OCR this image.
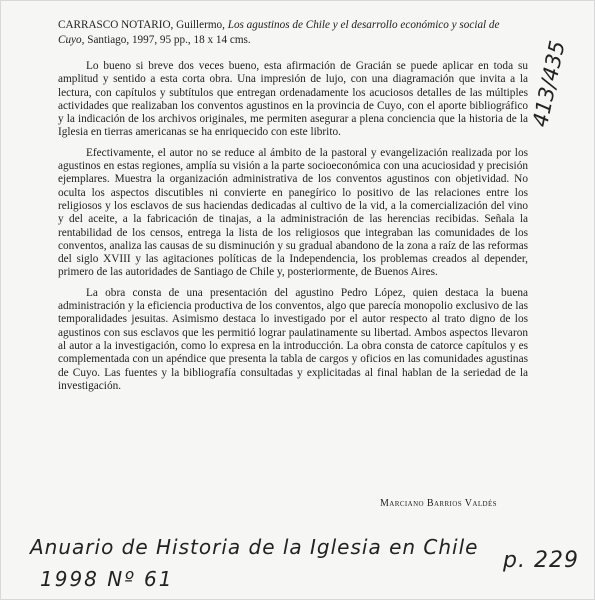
CARRASCO NOTARIO, Guillermo, Los agustinos de Chile y el desarrollo económico y social de Cuyo, Santiago, 1997, 95 pp., 18 x 14 cms.

Lo bueno si breve dos veces bueno, esta afirmación de Gracián se puede aplicar en toda su amplitud y sentido a esta corta obra. Una impresión de lujo, con una diagramación que invita a la lectura, con capítulos y subtítulos que entregan ordenadamente los acuciosos detalles de las múltiples actividades que realizaban los conventos agustinos en la provincia de Cuyo, con el aporte bibliográfico y la indicación de los archivos originales, me permiten asegurar a plena conciencia que la historia de la Iglesia en tierras americanas se ha enriquecido con este librito.

Efectivamente, el autor no se reduce al ámbito de la pastoral y evangelización realizada por los agustinos en estas regiones, amplía su visión a la parte socioeconómica con una acuciosidad y precisión ejemplares. Muestra la organización administrativa de los conventos agustinos con objetividad. No oculta los aspectos discutibles ni convierte en panegírico lo positivo de las relaciones entre los religiosos y los esclavos de sus haciendas dedicadas al cultivo de la vid, a la comercialización del vino y del aceite, a la fabricación de tinajas, a la administración de las herencias recibidas. Señala la rentabilidad de los censos, entrega la lista de los religiosos que integraban las comunidades de los conventos, analiza las causas de su disminución y su gradual abandono de la zona a raíz de las reformas del siglo XVIII y las agitaciones políticas de la Independencia, los problemas creados al depender, primero de las autoridades de Santiago de Chile y, posteriormente, de Buenos Aires.

La obra consta de una presentación del agustino Pedro López, quien destaca la buena administración y la eficiencia productiva de los conventos, algo que parecía monopolio exclusivo de las temporalidades jesuitas. Asimismo destaca lo investigado por el autor respecto al trato digno de los agustinos con sus esclavos que les permitió lograr paulatinamente su libertad. Ambos aspectos llevaron al autor a la investigación, como lo expresa en la introducción. La obra consta de catorce capítulos y es complementada con un apéndice que presenta la tabla de cargos y oficios en las comunidades agustinas de Cuyo. Las fuentes y la bibliografía consultadas y explicitadas al final hablan de la seriedad de la investigación.

Marciano Barrios Valdés
413/435
Anuario de Historia de la Iglesia en Chile
1998 Nº 61
p. 229
